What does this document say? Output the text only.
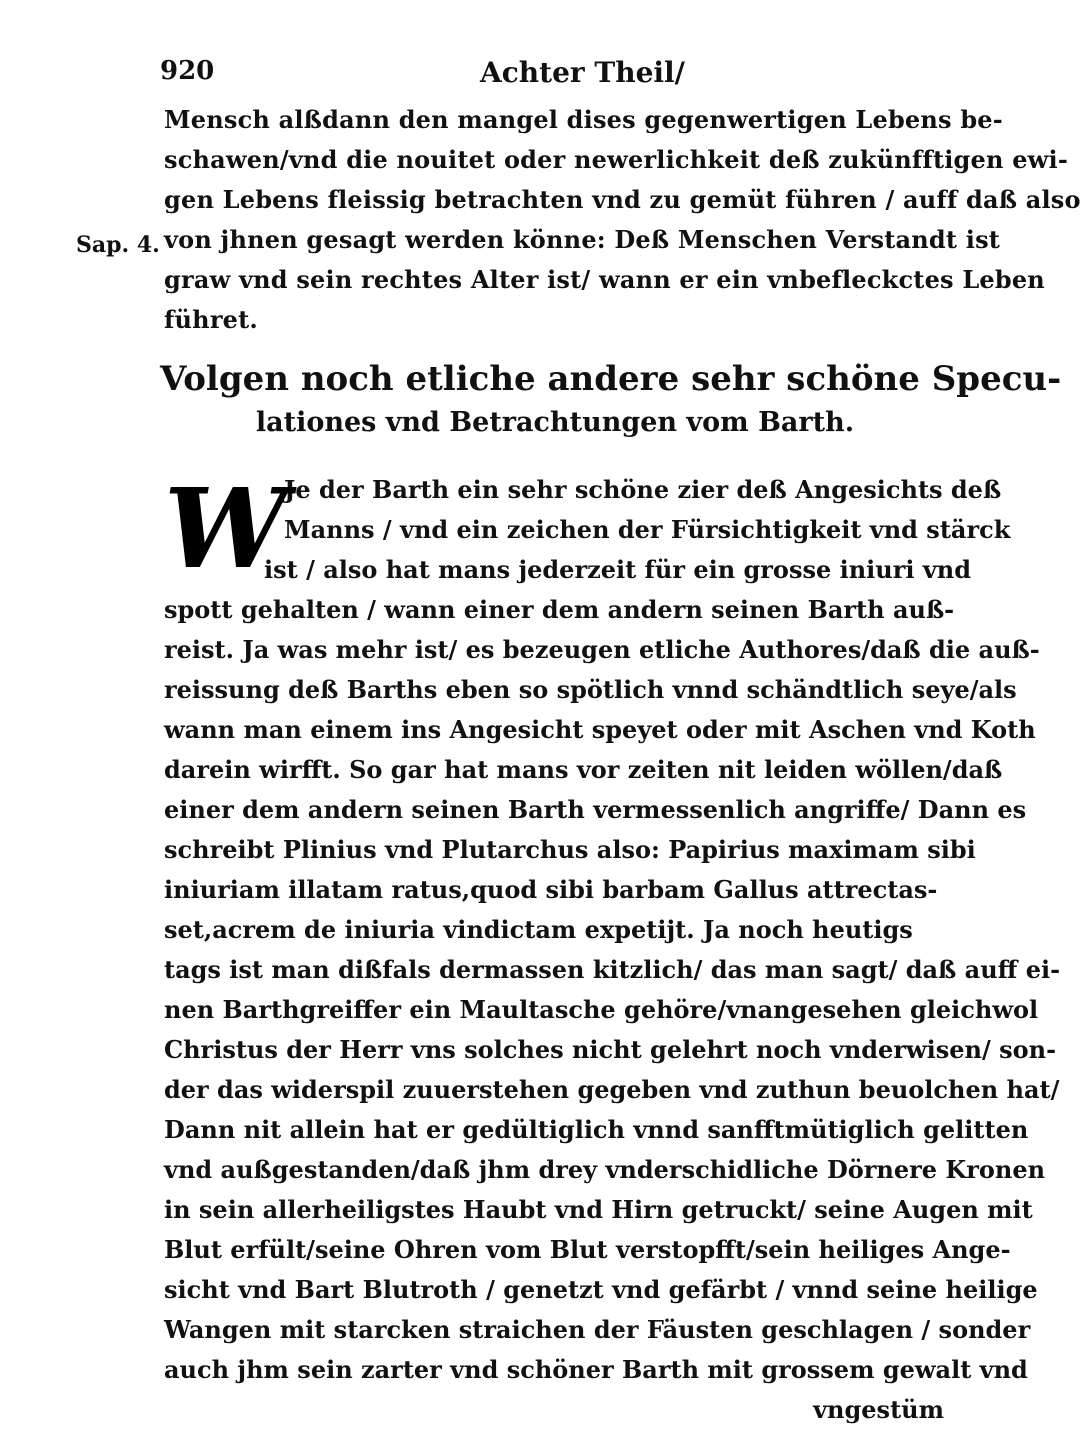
920	Achter Theil/
Sap. 4.
Mensch alßdann den mangel dises gegenwertigen Lebens be-
schawen/vnd die nouitet oder newerlichkeit deß zukünfftigen ewi-
gen Lebens fleissig betrachten vnd zu gemüt führen / auff daß also
von jhnen gesagt werden könne: Deß Menschen Verstandt ist
graw vnd sein rechtes Alter ist/ wann er ein vnbefleckctes Leben
führet.
Volgen noch etliche andere sehr schöne Specu-
lationes vnd Betrachtungen vom Barth.
W
Je der Barth ein sehr schöne zier deß Angesichts deß
Manns / vnd ein zeichen der Fürsichtigkeit vnd stärck
ist / also hat mans jederzeit für ein grosse iniuri vnd
spott gehalten / wann einer dem andern seinen Barth auß-
reist. Ja was mehr ist/ es bezeugen etliche Authores/daß die auß-
reissung deß Barths eben so spötlich vnnd schändtlich seye/als
wann man einem ins Angesicht speyet oder mit Aschen vnd Koth
darein wirfft. So gar hat mans vor zeiten nit leiden wöllen/daß
einer dem andern seinen Barth vermessenlich angriffe/ Dann es
schreibt Plinius vnd Plutarchus also: Papirius maximam sibi
iniuriam illatam ratus,quod sibi barbam Gallus attrectas-
set,acrem de iniuria vindictam expetijt. Ja noch heutigs
tags ist man dißfals dermassen kitzlich/ das man sagt/ daß auff ei-
nen Barthgreiffer ein Maultasche gehöre/vnangesehen gleichwol
Christus der Herr vns solches nicht gelehrt noch vnderwisen/ son-
der das widerspil zuuerstehen gegeben vnd zuthun beuolchen hat/
Dann nit allein hat er gedültiglich vnnd sanfftmütiglich gelitten
vnd außgestanden/daß jhm drey vnderschidliche Dörnere Kronen
in sein allerheiligstes Haubt vnd Hirn getruckt/ seine Augen mit
Blut erfült/seine Ohren vom Blut verstopfft/sein heiliges Ange-
sicht vnd Bart Blutroth / genetzt vnd gefärbt / vnnd seine heilige
Wangen mit starcken straichen der Fäusten geschlagen / sonder
auch jhm sein zarter vnd schöner Barth mit grossem gewalt vnd
vngestüm
